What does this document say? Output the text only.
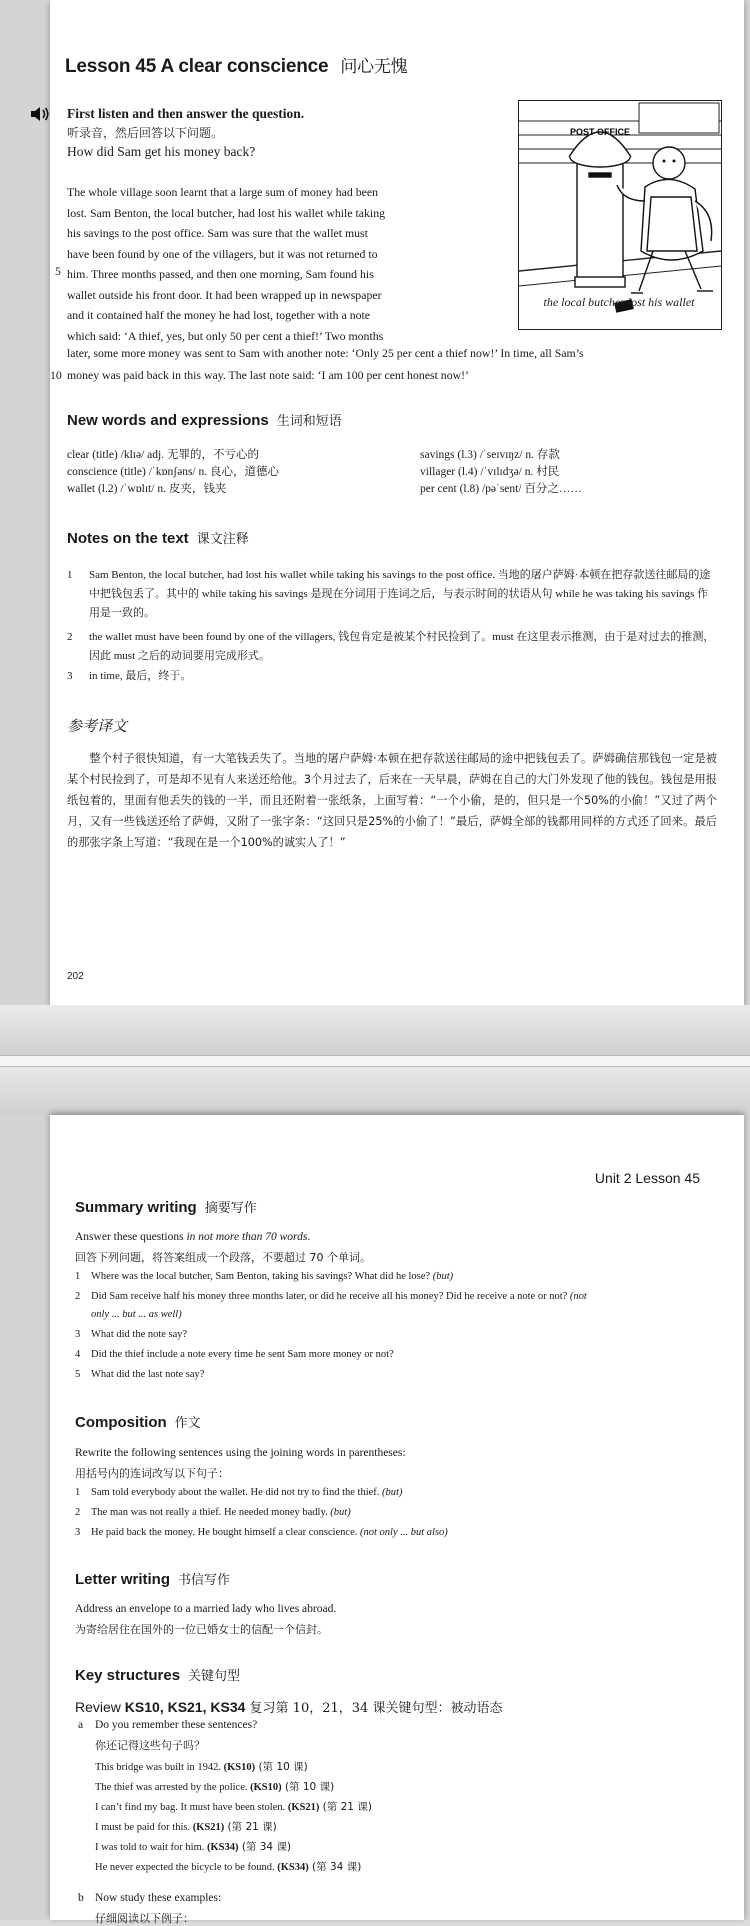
Lesson 45 A clear conscience 问心无愧
First listen and then answer the question.
听录音，然后回答以下问题。
How did Sam get his money back?

The whole village soon learnt that a large sum of money had been

lost. Sam Benton, the local butcher, had lost his wallet while taking

his savings to the post office. Sam was sure that the wallet must

have been found by one of the villagers, but it was not returned to

him. Three months passed, and then one morning, Sam found his

wallet outside his front door. It had been wrapped up in newspaper

and it contained half the money he had lost, together with a note

which said: ‘A thief, yes, but only 50 per cent a thief!’ Two months

5
later, some more money was sent to Sam with another note: ‘Only 25 per cent a thief now!’ In time, all Sam’s
money was paid back in this way. The last note said: ‘I am 100 per cent honest now!’
10
POST OFFICE
the local butcher lost his wallet
New words and expressions 生词和短语
clear (title) /klɪə/ adj. 无罪的，不亏心的
conscience (title) /ˈkɒnʃəns/ n. 良心，道德心
wallet (l.2) /ˈwɒlɪt/ n. 皮夹，钱夹
savings (l.3) /ˈseɪvɪŋz/ n. 存款
villager (l.4) /ˈvɪlɪdʒə/ n. 村民
per cent (l.8) /pəˈsent/ 百分之……
Notes on the text 课文注释
1 Sam Benton, the local butcher, had lost his wallet while taking his savings to the post office. 当地的屠户萨姆·本顿在把存款送往邮局的途中把钱包丢了。其中的 while taking his savings 是现在分词用于连词之后，与表示时间的状语从句 while he was taking his savings 作用是一致的。
2 the wallet must have been found by one of the villagers, 钱包肯定是被某个村民捡到了。must 在这里表示推测，由于是对过去的推测，因此 must 之后的动词要用完成形式。
3 in time, 最后，终于。
参考译文
整个村子很快知道，有一大笔钱丢失了。当地的屠户萨姆·本顿在把存款送往邮局的途中把钱包丢了。萨姆确信那钱包一定是被某个村民捡到了，可是却不见有人来送还给他。3个月过去了，后来在一天早晨，萨姆在自己的大门外发现了他的钱包。钱包是用报纸包着的，里面有他丢失的钱的一半，而且还附着一张纸条，上面写着：“一个小偷，是的，但只是一个50%的小偷！”又过了两个月，又有一些钱送还给了萨姆，又附了一张字条：“这回只是25%的小偷了！”最后，萨姆全部的钱都用同样的方式还了回来。最后的那张字条上写道：“我现在是一个100%的诚实人了！”
202
Unit 2 Lesson 45
Summary writing 摘要写作
Answer these questions in not more than 70 words.
回答下列问题，将答案组成一个段落，不要超过 70 个单词。
1 Where was the local butcher, Sam Benton, taking his savings? What did he lose? (but)
2 Did Sam receive half his money three months later, or did he receive all his money? Did he receive a note or not? (not
only ... but ... as well)
3 What did the note say?
4 Did the thief include a note every time he sent Sam more money or not?
5 What did the last note say?
Composition 作文
Rewrite the following sentences using the joining words in parentheses:
用括号内的连词改写以下句子：
1 Sam told everybody about the wallet. He did not try to find the thief. (but)
2 The man was not really a thief. He needed money badly. (but)
3 He paid back the money. He bought himself a clear conscience. (not only ... but also)
Letter writing 书信写作
Address an envelope to a married lady who lives abroad.
为寄给居住在国外的一位已婚女士的信配一个信封。
Key structures 关键句型
Review KS10, KS21, KS34 复习第 10，21，34 课关键句型：被动语态
a Do you remember these sentences?
你还记得这些句子吗？
This bridge was built in 1942. (KS10) (第 10 课)
The thief was arrested by the police. (KS10) (第 10 课)
I can’t find my bag. It must have been stolen. (KS21) (第 21 课)
I must be paid for this. (KS21) (第 21 课)
I was told to wait for him. (KS34) (第 34 课)
He never expected the bicycle to be found. (KS34) (第 34 课)
b Now study these examples:
仔细阅读以下例子：
